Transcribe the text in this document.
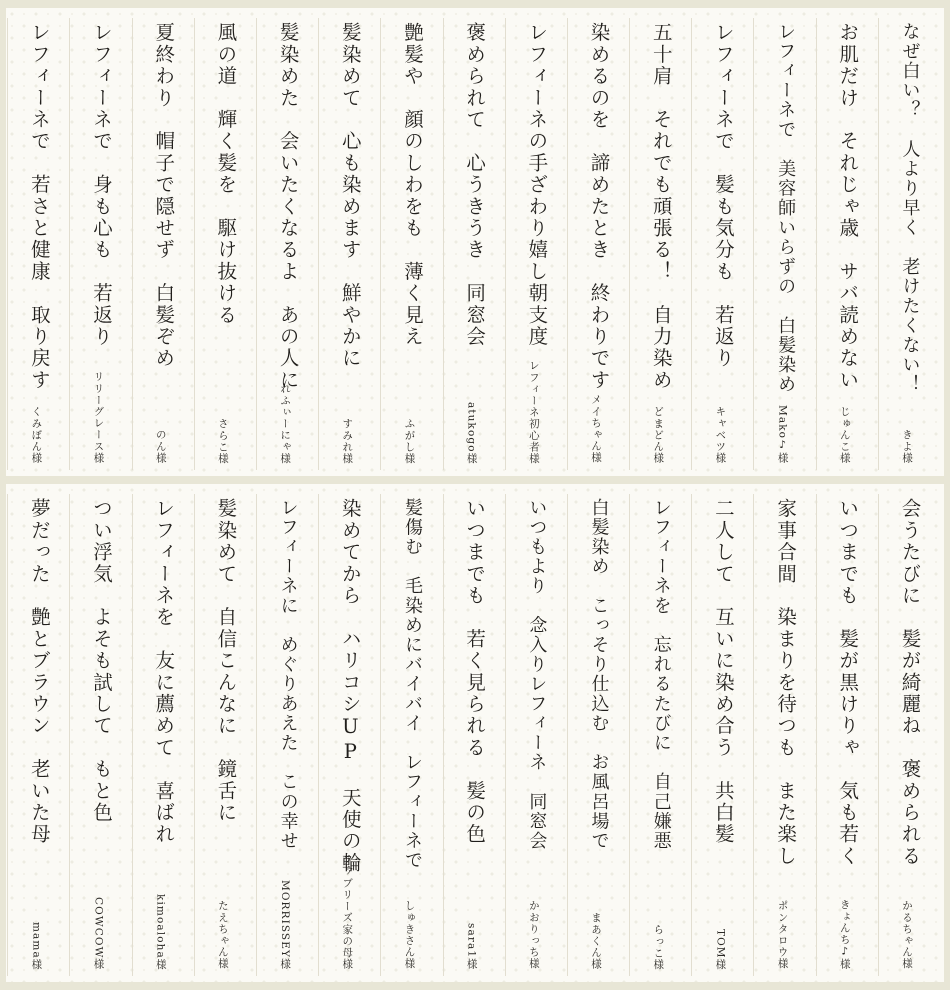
なぜ白い？　人より早く　老けたくない！
きよ様
お肌だけ　それじゃ歳　サバ読めない
じゅんこ様
レフィーネで　美容師いらずの　白髪染め
Mako♪様
レフィーネで　髪も気分も　若返り
キャベツ様
五十肩　それでも頑張る！　自力染め
どまどん様
染めるのを　諦めたとき　終わりです
メイちゃん様
レフィーネの手ざわり嬉し朝支度
レフィーネ初心者様
褒められて　心うきうき　同窓会
atukogo様
艶髪や　顔のしわをも　薄く見え
ふがし様
髪染めて　心も染めます　鮮やかに
すみれ様
髪染めた　会いたくなるよ　あの人に
れふぃーにゃ様
風の道　輝く髪を　駆け抜ける
さらこ様
夏終わり　帽子で隠せず　白髪ぞめ
のん様
レフィーネで　身も心も　若返り
リリーグレース様
レフィーネで　若さと健康　取り戻す
くみぼん様
会うたびに　髪が綺麗ね　褒められる
かるちゃん様
いつまでも　髪が黒けりゃ　気も若く
きょんち♪様
家事合間　染まりを待つも　また楽し
ポンタロウ様
二人して　互いに染め合う　共白髪
TOM様
レフィーネを　忘れるたびに　自己嫌悪
らっこ様
白髪染め　こっそり仕込む　お風呂場で
まあくん様
いつもより　念入りレフィーネ　同窓会
かおりっち様
いつまでも　若く見られる　髪の色
sara1様
髪傷む　毛染めにバイバイ　レフィーネで
しゅきさん様
染めてから　ハリコシUP　天使の輪
ファブリーズ家の母様
レフィーネに　めぐりあえた　この幸せ
MORRISSEY様
髪染めて　自信こんなに　鏡舌に
たえちゃん様
レフィーネを　友に薦めて　喜ばれ
kimoaloha様
つい浮気　よそも試して　もと色
COWCOW様
夢だった　艶とブラウン　老いた母
mama様
